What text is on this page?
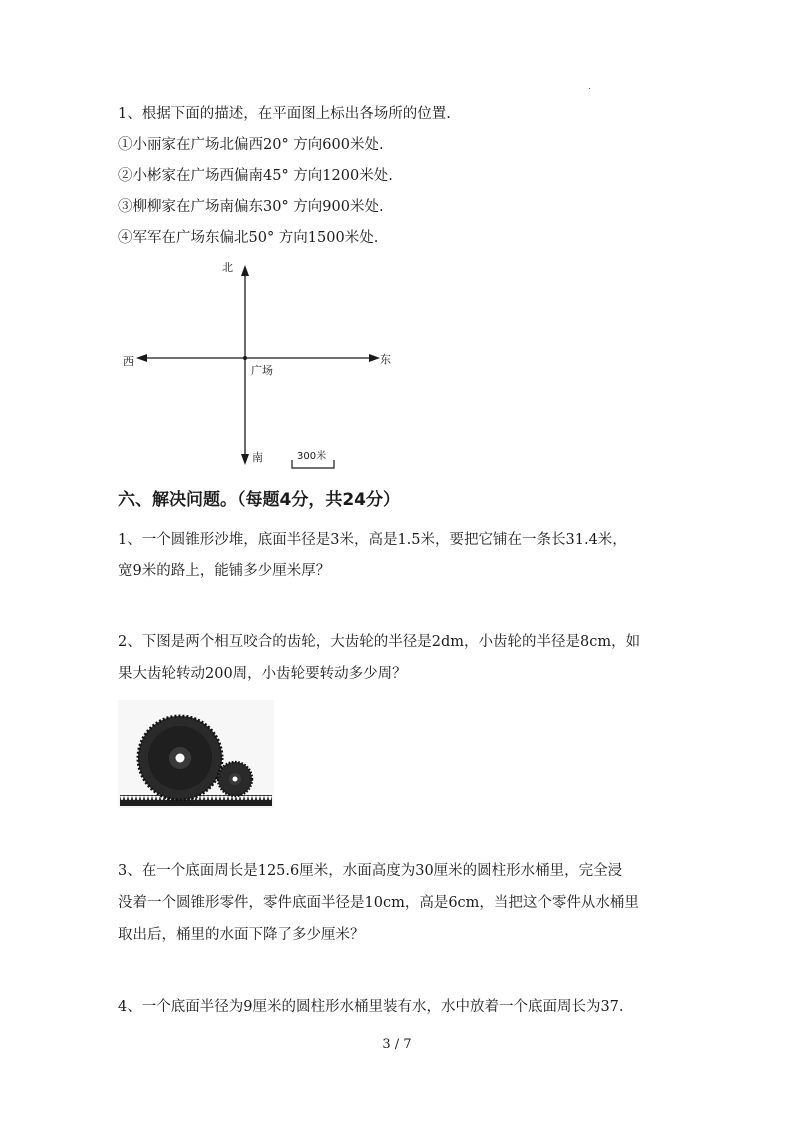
1、根据下面的描述，在平面图上标出各场所的位置.
①小丽家在广场北偏西20° 方向600米处.
②小彬家在广场西偏南45° 方向1200米处.
③柳柳家在广场南偏东30° 方向900米处.
④军军在广场东偏北50° 方向1500米处.
北
南
东
西
广场
300米
六、解决问题。（每题4分，共24分）
1、一个圆锥形沙堆，底面半径是3米，高是1.5米，要把它铺在一条长31.4米，
宽9米的路上，能铺多少厘米厚？
2、下图是两个相互咬合的齿轮，大齿轮的半径是2dm，小齿轮的半径是8cm，如
果大齿轮转动200周，小齿轮要转动多少周？
3、在一个底面周长是125.6厘米，水面高度为30厘米的圆柱形水桶里，完全浸
没着一个圆锥形零件，零件底面半径是10cm，高是6cm，当把这个零件从水桶里
取出后，桶里的水面下降了多少厘米？
4、一个底面半径为9厘米的圆柱形水桶里装有水，水中放着一个底面周长为37.
3 / 7
